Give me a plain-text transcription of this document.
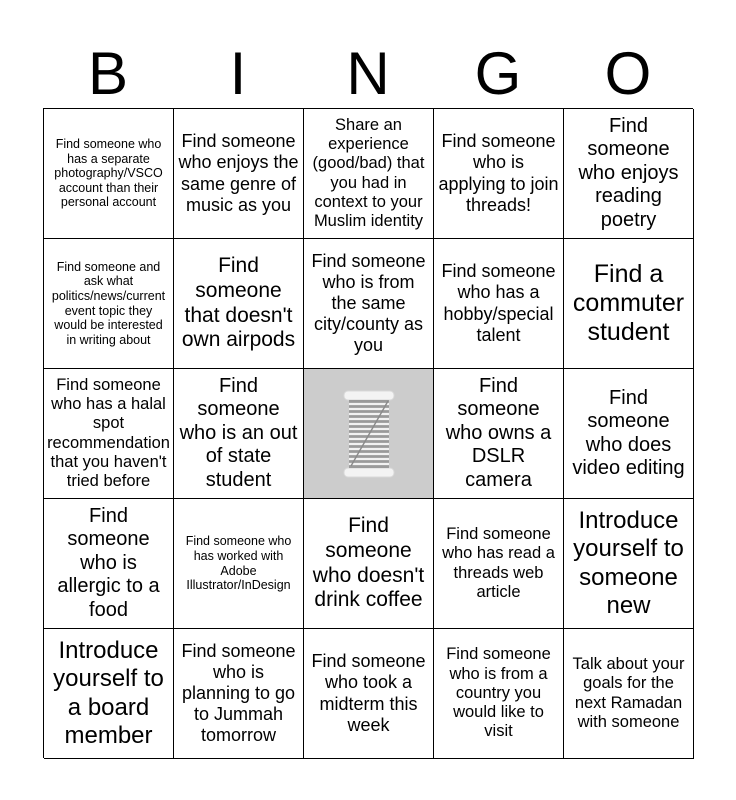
B	I	N	G	O
Find someone who has a separate photography/VSCO account than their personal account
Find someone who enjoys the same genre of music as you
Share an experience (good/bad) that you had in context to your Muslim identity
Find someone who is applying to join threads!
Find someone who enjoys reading poetry
Find someone and ask what politics/news/current event topic they would be interested in writing about
Find someone that doesn't own airpods
Find someone who is from the same city/county as you
Find someone who has a hobby/special talent
Find a commuter student
Find someone who has a halal spot recommendation that you haven't tried before
Find someone who is an out of state student
Find someone who owns a DSLR camera
Find someone who does video editing
Find someone who is allergic to a food
Find someone who has worked with Adobe Illustrator/InDesign
Find someone who doesn't drink coffee
Find someone who has read a threads web article
Introduce yourself to someone new
Introduce yourself to a board member
Find someone who is planning to go to Jummah tomorrow
Find someone who took a midterm this week
Find someone who is from a country you would like to visit
Talk about your goals for the next Ramadan with someone
